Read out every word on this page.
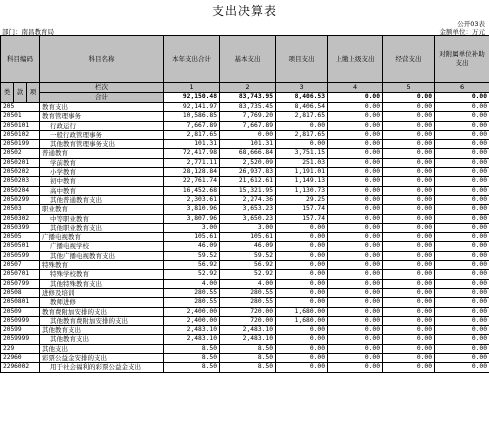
支出决算表
公开03表
部门：南昌教育局	金额单位：万元
科目编码			科目名称	本年支出合计	基本支出	项目支出	上缴上级支出	经营支出	对附属单位补助支出
类	款	项	栏次	1	2	3	4	5	6
			合计	92,150.48	83,743.95	8,406.53	0.00	0.00	0.00
205			教育支出	92,141.97	83,735.45	8,406.54	0.00	0.00	0.00
20501			教育管理事务	10,586.85	7,769.20	2,817.65	0.00	0.00	0.00
2050101			行政运行	7,667.89	7,667.89	0.00	0.00	0.00	0.00
2050102			一般行政管理事务	2,817.65	0.00	2,817.65	0.00	0.00	0.00
2050199			其他教育管理事务支出	101.31	101.31	0.00	0.00	0.00	0.00
20502			普通教育	72,417.98	68,666.84	3,751.15	0.00	0.00	0.00
2050201			学前教育	2,771.11	2,520.09	251.03	0.00	0.00	0.00
2050202			小学教育	28,128.84	26,937.83	1,191.01	0.00	0.00	0.00
2050203			初中教育	22,761.74	21,612.61	1,149.13	0.00	0.00	0.00
2050204			高中教育	16,452.68	15,321.95	1,130.73	0.00	0.00	0.00
2050299			其他普通教育支出	2,303.61	2,274.36	29.25	0.00	0.00	0.00
20503			职业教育	3,810.96	3,653.23	157.74	0.00	0.00	0.00
2050302			中等职业教育	3,807.96	3,650.23	157.74	0.00	0.00	0.00
2050399			其他职业教育支出	3.00	3.00	0.00	0.00	0.00	0.00
20505			广播电视教育	105.61	105.61	0.00	0.00	0.00	0.00
2050501			广播电视学校	46.09	46.09	0.00	0.00	0.00	0.00
2050599			其他广播电视教育支出	59.52	59.52	0.00	0.00	0.00	0.00
20507			特殊教育	56.92	56.92	0.00	0.00	0.00	0.00
2050701			特殊学校教育	52.92	52.92	0.00	0.00	0.00	0.00
2050799			其他特殊教育支出	4.00	4.00	0.00	0.00	0.00	0.00
20508			进修及培训	280.55	280.55	0.00	0.00	0.00	0.00
2050801			教师进修	280.55	280.55	0.00	0.00	0.00	0.00
20509			教育费附加安排的支出	2,400.00	720.00	1,680.00	0.00	0.00	0.00
2050999			其他教育费附加安排的支出	2,400.00	720.00	1,680.00	0.00	0.00	0.00
20599			其他教育支出	2,483.10	2,483.10	0.00	0.00	0.00	0.00
2059999			其他教育支出	2,483.10	2,483.10	0.00	0.00	0.00	0.00
229			其他支出	8.50	8.50	0.00	0.00	0.00	0.00
22960			彩票公益金安排的支出	8.50	8.50	0.00	0.00	0.00	0.00
2296002			用于社会福利的彩票公益金支出	8.50	8.50	0.00	0.00	0.00	0.00
